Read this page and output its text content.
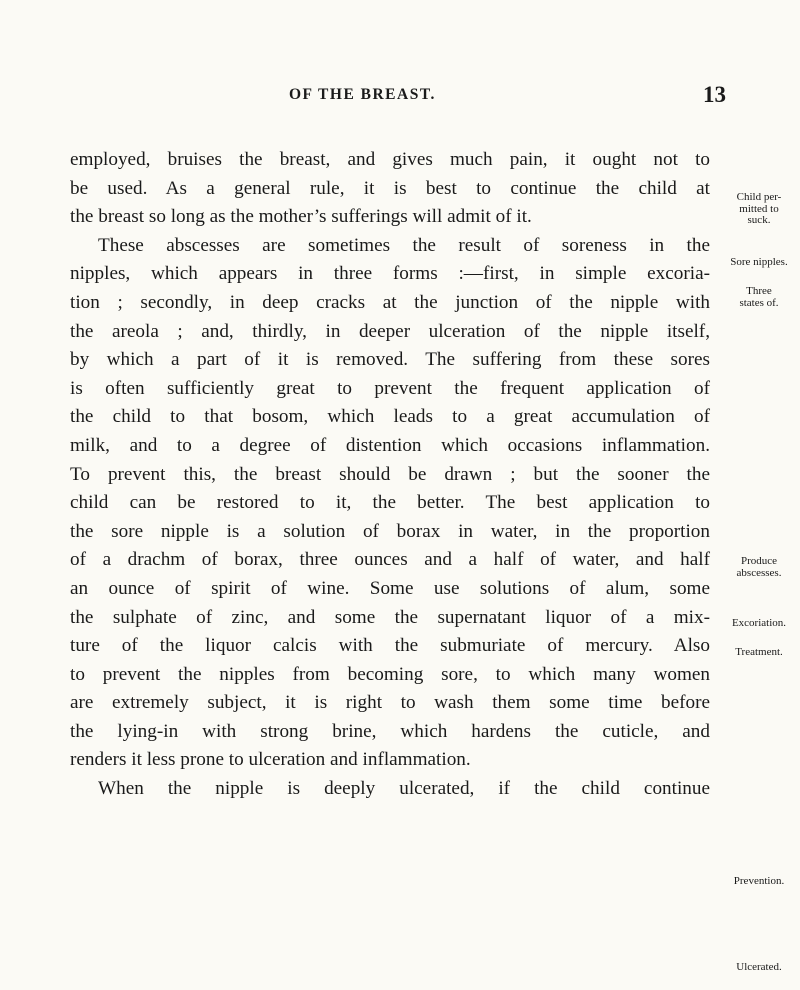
OF THE BREAST.	13
employed, bruises the breast, and gives much pain, it ought not to
be used. As a general rule, it is best to continue the child at
the breast so long as the mother’s sufferings will admit of it.
These abscesses are sometimes the result of soreness in the
nipples, which appears in three forms :—first, in simple excoria-
tion ; secondly, in deep cracks at the junction of the nipple with
the areola ; and, thirdly, in deeper ulceration of the nipple itself,
by which a part of it is removed. The suffering from these sores
is often sufficiently great to prevent the frequent application of
the child to that bosom, which leads to a great accumulation of
milk, and to a degree of distention which occasions inflammation.
To prevent this, the breast should be drawn ; but the sooner the
child can be restored to it, the better. The best application to
the sore nipple is a solution of borax in water, in the proportion
of a drachm of borax, three ounces and a half of water, and half
an ounce of spirit of wine. Some use solutions of alum, some
the sulphate of zinc, and some the supernatant liquor of a mix-
ture of the liquor calcis with the submuriate of mercury. Also
to prevent the nipples from becoming sore, to which many women
are extremely subject, it is right to wash them some time before
the lying-in with strong brine, which hardens the cuticle, and
renders it less prone to ulceration and inflammation.
When the nipple is deeply ulcerated, if the child continue
Child per-
mitted to
suck.
Sore nipples.
Three
states of.
Produce
abscesses.
Excoriation.
Treatment.
Prevention.
Ulcerated.
